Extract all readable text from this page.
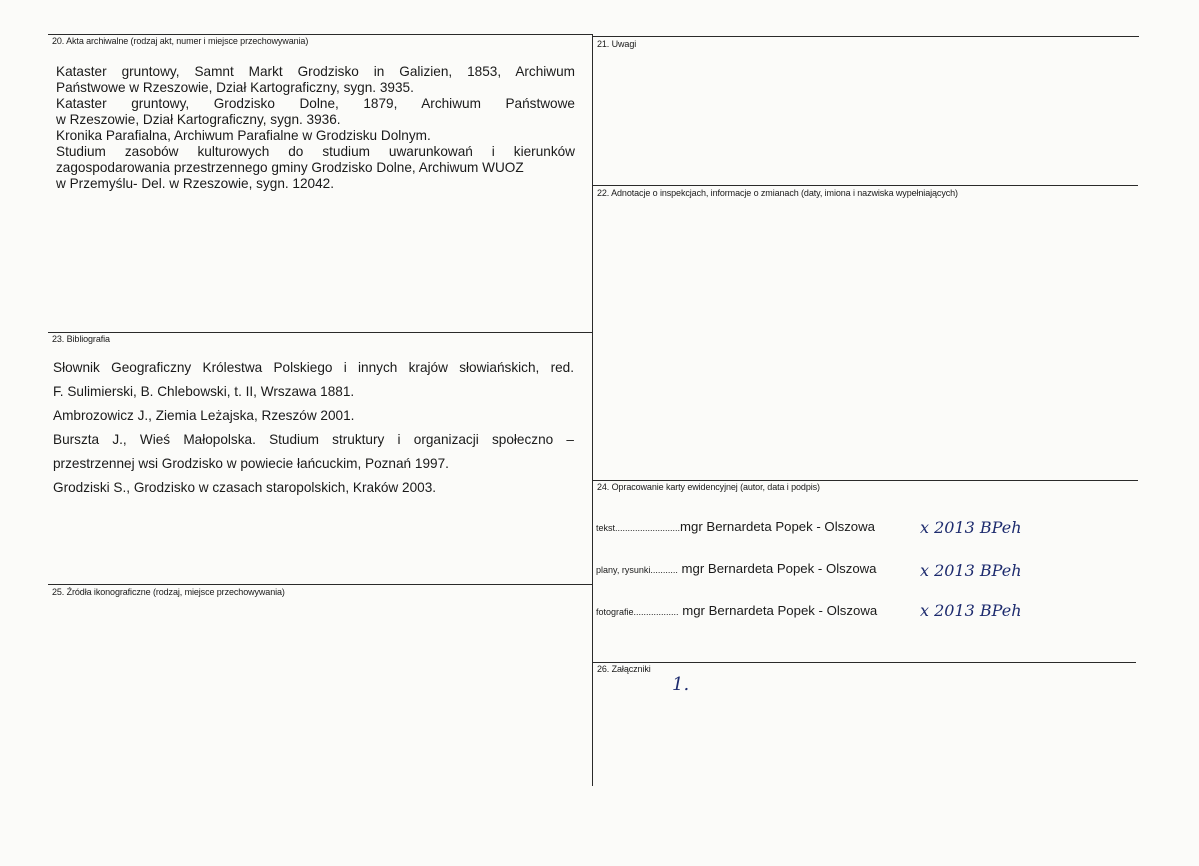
20. Akta archiwalne (rodzaj akt, numer i miejsce przechowywania)	21. Uwagi
22. Adnotacje o inspekcjach, informacje o zmianach (daty, imiona i nazwiska wypełniających)
23. Bibliografia
24. Opracowanie karty ewidencyjnej (autor, data i podpis)
25. Źródła ikonograficzne (rodzaj, miejsce przechowywania)
26. Załączniki
Kataster gruntowy, Samnt Markt Grodzisko in Galizien, 1853, Archiwum
Państwowe w Rzeszowie, Dział Kartograficzny, sygn. 3935.
Kataster gruntowy, Grodzisko Dolne, 1879, Archiwum Państwowe
w Rzeszowie, Dział Kartograficzny, sygn. 3936.
Kronika Parafialna, Archiwum Parafialne w Grodzisku Dolnym.
Studium zasobów kulturowych do studium uwarunkowań i kierunków
zagospodarowania przestrzennego gminy Grodzisko Dolne, Archiwum WUOZ
w Przemyślu- Del. w Rzeszowie, sygn. 12042.
Słownik Geograficzny Królestwa Polskiego i innych krajów słowiańskich, red.
F. Sulimierski, B. Chlebowski, t. II, Wrszawa 1881.
Ambrozowicz J., Ziemia Leżajska, Rzeszów 2001.
Burszta J., Wieś Małopolska. Studium struktury i organizacji społeczno –
przestrzennej wsi Grodzisko w powiecie łańcuckim, Poznań 1997.
Grodziski S., Grodzisko w czasach staropolskich, Kraków 2003.
tekst..........................mgr Bernardeta Popek - Olszowa	x 2013 BPeh
plany, rysunki........... mgr Bernardeta Popek - Olszowa	x 2013 BPeh
fotografie.................. mgr Bernardeta Popek - Olszowa	x 2013 BPeh
1.
